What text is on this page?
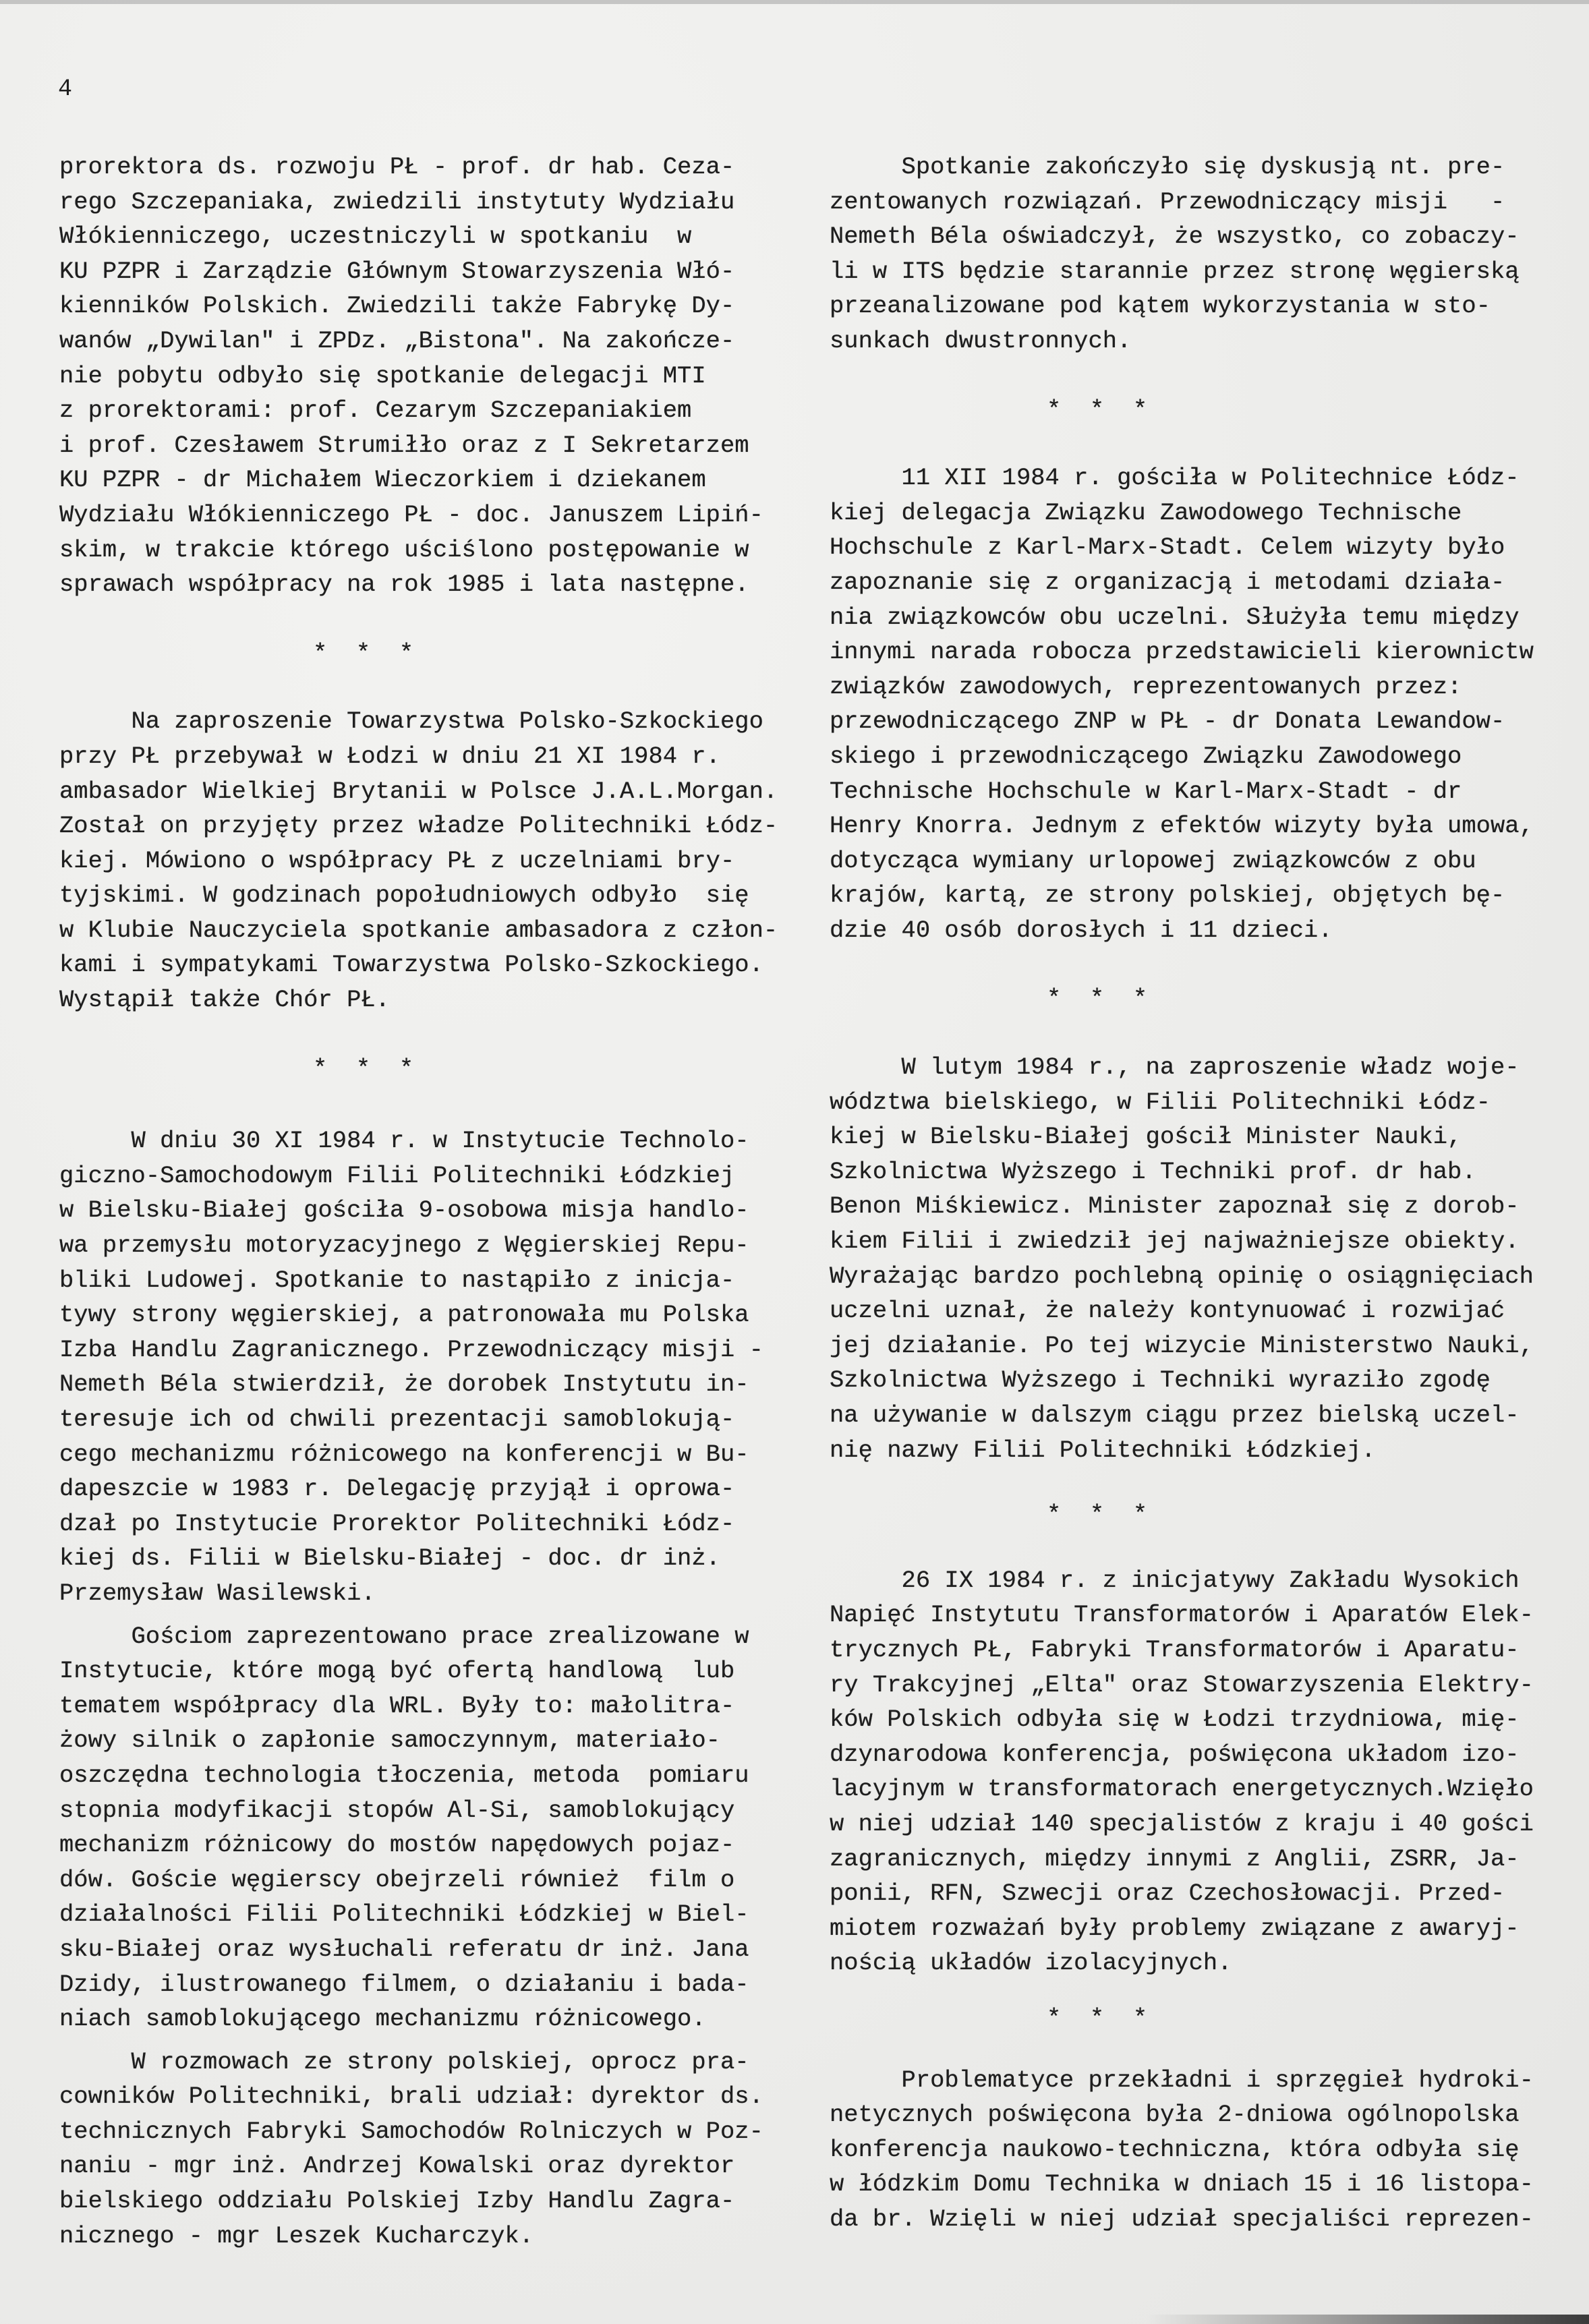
4
prorektora ds. rozwoju PŁ - prof. dr hab. Ceza-
rego Szczepaniaka, zwiedzili instytuty Wydziału
Włókienniczego, uczestniczyli w spotkaniu  w
KU PZPR i Zarządzie Głównym Stowarzyszenia Włó-
kienników Polskich. Zwiedzili także Fabrykę Dy-
wanów „Dywilan" i ZPDz. „Bistona". Na zakończe-
nie pobytu odbyło się spotkanie delegacji MTI
z prorektorami: prof. Cezarym Szczepaniakiem
i prof. Czesławem Strumiłło oraz z I Sekretarzem
KU PZPR - dr Michałem Wieczorkiem i dziekanem
Wydziału Włókienniczego PŁ - doc. Januszem Lipiń-
skim, w trakcie którego uściślono postępowanie w
sprawach współpracy na rok 1985 i lata następne.
*  *  *
Na zaproszenie Towarzystwa Polsko-Szkockiego
przy PŁ przebywał w Łodzi w dniu 21 XI 1984 r.
ambasador Wielkiej Brytanii w Polsce J.A.L.Morgan.
Został on przyjęty przez władze Politechniki Łódz-
kiej. Mówiono o współpracy PŁ z uczelniami bry-
tyjskimi. W godzinach popołudniowych odbyło  się
w Klubie Nauczyciela spotkanie ambasadora z człon-
kami i sympatykami Towarzystwa Polsko-Szkockiego.
Wystąpił także Chór PŁ.
*  *  *
W dniu 30 XI 1984 r. w Instytucie Technolo-
giczno-Samochodowym Filii Politechniki Łódzkiej
w Bielsku-Białej gościła 9-osobowa misja handlo-
wa przemysłu motoryzacyjnego z Węgierskiej Repu-
bliki Ludowej. Spotkanie to nastąpiło z inicja-
tywy strony węgierskiej, a patronowała mu Polska
Izba Handlu Zagranicznego. Przewodniczący misji -
Nemeth Béla stwierdził, że dorobek Instytutu in-
teresuje ich od chwili prezentacji samoblokują-
cego mechanizmu różnicowego na konferencji w Bu-
dapeszcie w 1983 r. Delegację przyjął i oprowa-
dzał po Instytucie Prorektor Politechniki Łódz-
kiej ds. Filii w Bielsku-Białej - doc. dr inż.
Przemysław Wasilewski.
Gościom zaprezentowano prace zrealizowane w
Instytucie, które mogą być ofertą handlową  lub
tematem współpracy dla WRL. Były to: małolitra-
żowy silnik o zapłonie samoczynnym, materiało-
oszczędna technologia tłoczenia, metoda  pomiaru
stopnia modyfikacji stopów Al-Si, samoblokujący
mechanizm różnicowy do mostów napędowych pojaz-
dów. Goście węgierscy obejrzeli również  film o
działalności Filii Politechniki Łódzkiej w Biel-
sku-Białej oraz wysłuchali referatu dr inż. Jana
Dzidy, ilustrowanego filmem, o działaniu i bada-
niach samoblokującego mechanizmu różnicowego.
W rozmowach ze strony polskiej, oprocz pra-
cowników Politechniki, brali udział: dyrektor ds.
technicznych Fabryki Samochodów Rolniczych w Poz-
naniu - mgr inż. Andrzej Kowalski oraz dyrektor
bielskiego oddziału Polskiej Izby Handlu Zagra-
nicznego - mgr Leszek Kucharczyk.
Spotkanie zakończyło się dyskusją nt. pre-
zentowanych rozwiązań. Przewodniczący misji   -
Nemeth Béla oświadczył, że wszystko, co zobaczy-
li w ITS będzie starannie przez stronę węgierską
przeanalizowane pod kątem wykorzystania w sto-
sunkach dwustronnych.
*  *  *
11 XII 1984 r. gościła w Politechnice Łódz-
kiej delegacja Związku Zawodowego Technische
Hochschule z Karl-Marx-Stadt. Celem wizyty było
zapoznanie się z organizacją i metodami działa-
nia związkowców obu uczelni. Służyła temu między
innymi narada robocza przedstawicieli kierownictw
związków zawodowych, reprezentowanych przez:
przewodniczącego ZNP w PŁ - dr Donata Lewandow-
skiego i przewodniczącego Związku Zawodowego
Technische Hochschule w Karl-Marx-Stadt - dr
Henry Knorra. Jednym z efektów wizyty była umowa,
dotycząca wymiany urlopowej związkowców z obu
krajów, kartą, ze strony polskiej, objętych bę-
dzie 40 osób dorosłych i 11 dzieci.
*  *  *
W lutym 1984 r., na zaproszenie władz woje-
wództwa bielskiego, w Filii Politechniki Łódz-
kiej w Bielsku-Białej gościł Minister Nauki,
Szkolnictwa Wyższego i Techniki prof. dr hab.
Benon Miśkiewicz. Minister zapoznał się z dorob-
kiem Filii i zwiedził jej najważniejsze obiekty.
Wyrażając bardzo pochlebną opinię o osiągnięciach
uczelni uznał, że należy kontynuować i rozwijać
jej działanie. Po tej wizycie Ministerstwo Nauki,
Szkolnictwa Wyższego i Techniki wyraziło zgodę
na używanie w dalszym ciągu przez bielską uczel-
nię nazwy Filii Politechniki Łódzkiej.
*  *  *
26 IX 1984 r. z inicjatywy Zakładu Wysokich
Napięć Instytutu Transformatorów i Aparatów Elek-
trycznych PŁ, Fabryki Transformatorów i Aparatu-
ry Trakcyjnej „Elta" oraz Stowarzyszenia Elektry-
ków Polskich odbyła się w Łodzi trzydniowa, mię-
dzynarodowa konferencja, poświęcona układom izo-
lacyjnym w transformatorach energetycznych.Wzięło
w niej udział 140 specjalistów z kraju i 40 gości
zagranicznych, między innymi z Anglii, ZSRR, Ja-
ponii, RFN, Szwecji oraz Czechosłowacji. Przed-
miotem rozważań były problemy związane z awaryj-
nością układów izolacyjnych.
*  *  *
Problematyce przekładni i sprzęgieł hydroki-
netycznych poświęcona była 2-dniowa ogólnopolska
konferencja naukowo-techniczna, która odbyła się
w łódzkim Domu Technika w dniach 15 i 16 listopa-
da br. Wzięli w niej udział specjaliści reprezen-
